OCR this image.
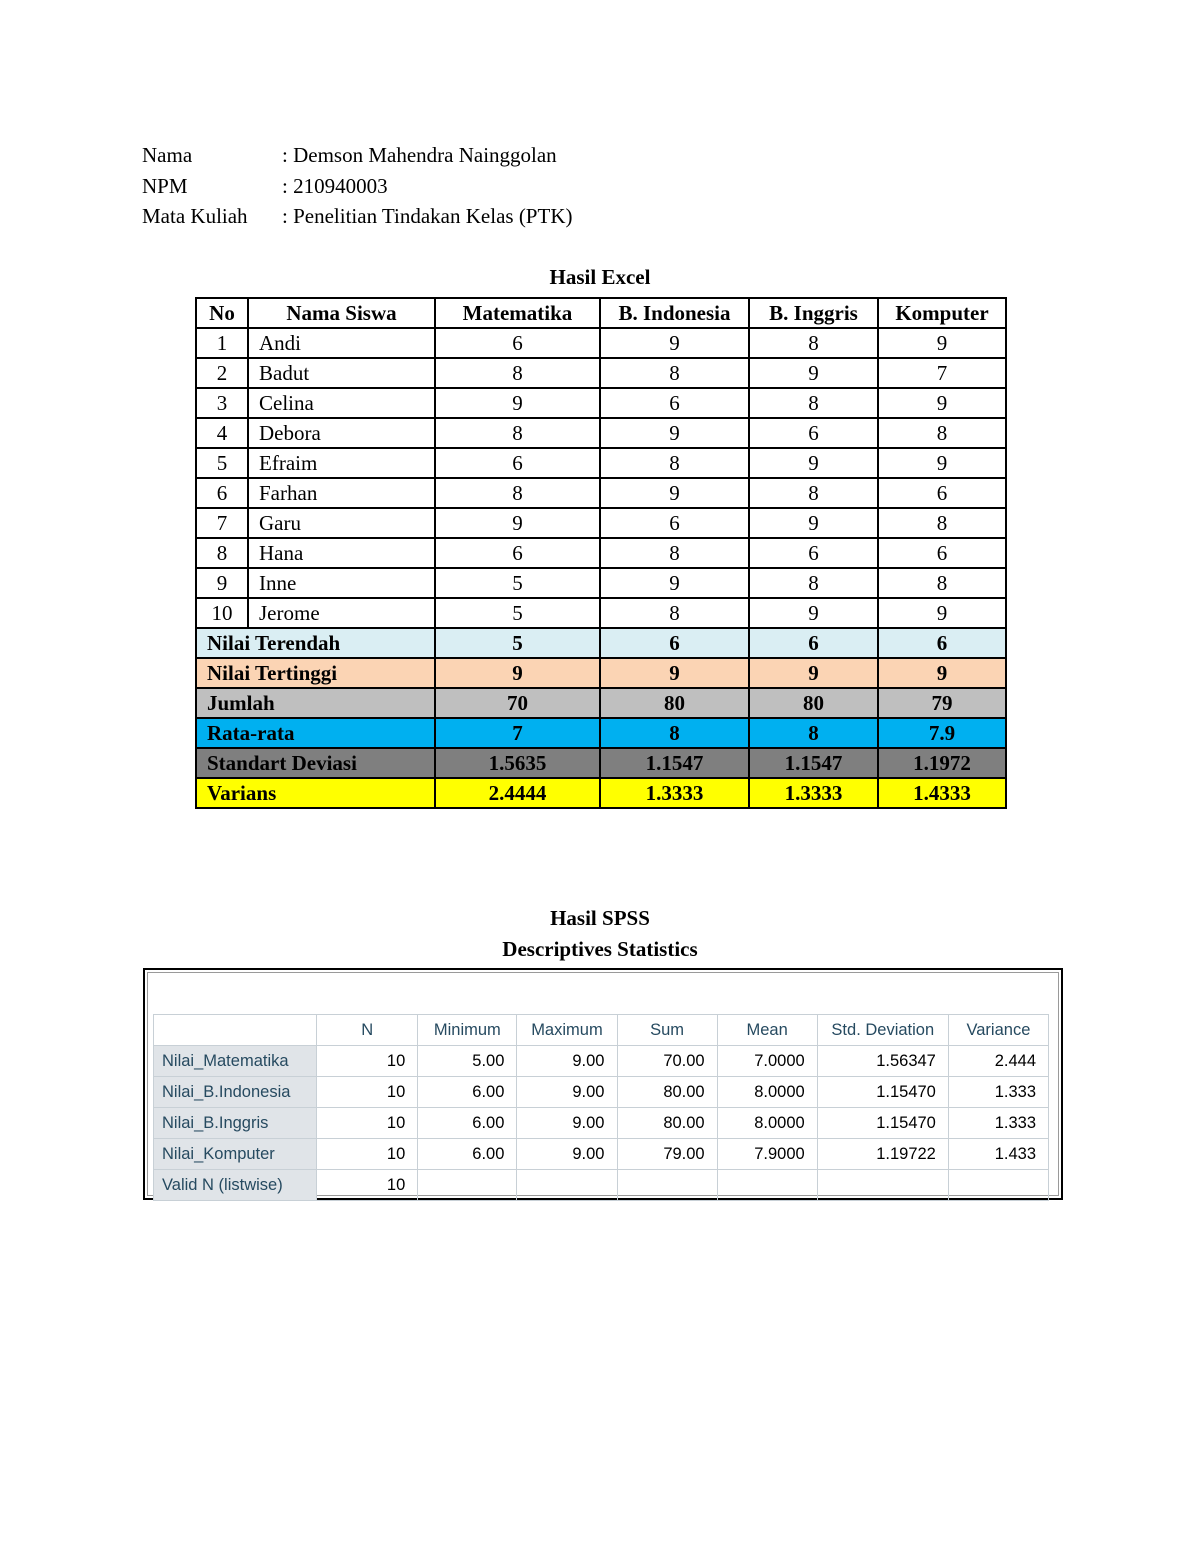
Nama	: Demson Mahendra Nainggolan
NPM	: 210940003
Mata Kuliah	: Penelitian Tindakan Kelas (PTK)
Hasil Excel
No	Nama Siswa	Matematika	B. Indonesia	B. Inggris	Komputer
1	Andi	6	9	8	9
2	Badut	8	8	9	7
3	Celina	9	6	8	9
4	Debora	8	9	6	8
5	Efraim	6	8	9	9
6	Farhan	8	9	8	6
7	Garu	9	6	9	8
8	Hana	6	8	6	6
9	Inne	5	9	8	8
10	Jerome	5	8	9	9
Nilai Terendah		5	6	6	6
Nilai Tertinggi		9	9	9	9
Jumlah		70	80	80	79
Rata-rata		7	8	8	7.9
Standart Deviasi		1.5635	1.1547	1.1547	1.1972
Varians		2.4444	1.3333	1.3333	1.4333
Hasil SPSS
Descriptives Statistics
	N	Minimum	Maximum	Sum	Mean	Std. Deviation	Variance
Nilai_Matematika	10	5.00	9.00	70.00	7.0000	1.56347	2.444
Nilai_B.Indonesia	10	6.00	9.00	80.00	8.0000	1.15470	1.333
Nilai_B.Inggris	10	6.00	9.00	80.00	8.0000	1.15470	1.333
Nilai_Komputer	10	6.00	9.00	79.00	7.9000	1.19722	1.433
Valid N (listwise)	10						
